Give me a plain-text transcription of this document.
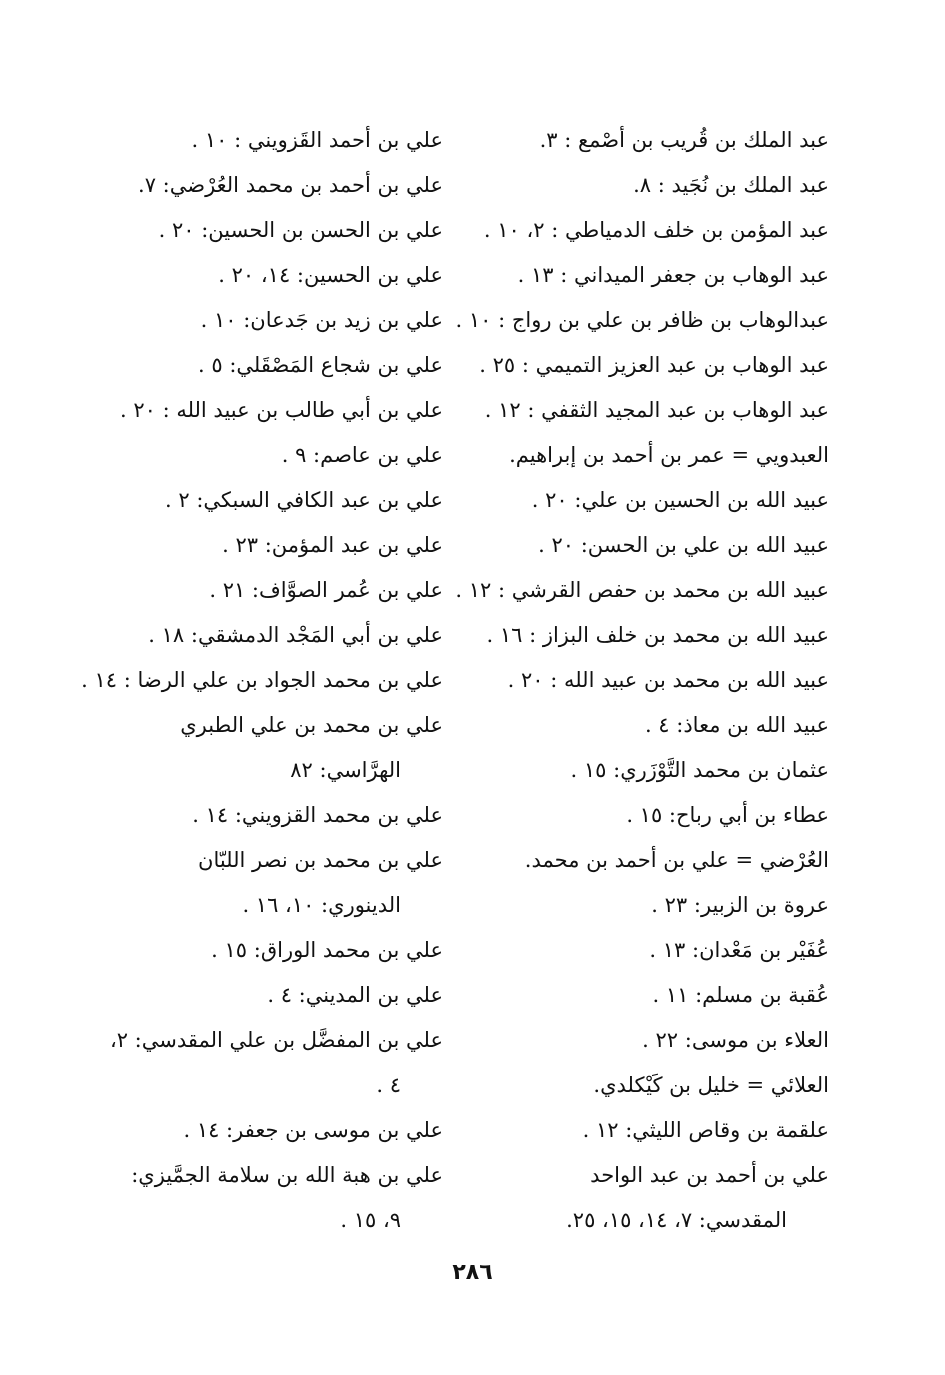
عبد الملك بن قُريب بن أصْمع : ٣.
عبد الملك بن نُجَيد : ٨.
عبد المؤمن بن خلف الدمياطي : ٢، ١٠ .
عبد الوهاب بن جعفر الميداني : ١٣ .
عبدالوهاب بن ظافر بن علي بن رواج : ١٠ .
عبد الوهاب بن عبد العزيز التميمي : ٢٥ .
عبد الوهاب بن عبد المجيد الثقفي : ١٢ .
العبدويي = عمر بن أحمد بن إبراهيم.
عبيد الله بن الحسين بن علي: ٢٠ .
عبيد الله بن علي بن الحسن: ٢٠ .
عبيد الله بن محمد بن حفص القرشي : ١٢ .
عبيد الله بن محمد بن خلف البزاز : ١٦ .
عبيد الله بن محمد بن عبيد الله : ٢٠ .
عبيد الله بن معاذ: ٤ .
عثمان بن محمد التَّوْزَري: ١٥ .
عطاء بن أبي رباح: ١٥ .
العُرْضي = علي بن أحمد بن محمد.
عروة بن الزبير: ٢٣ .
عُفَيْر بن مَعْدان: ١٣ .
عُقبة بن مسلم: ١١ .
العلاء بن موسى: ٢٢ .
العلائي = خليل بن كَيْكلدي.
علقمة بن وقاص الليثي: ١٢ .
علي بن أحمد بن عبد الواحد
المقدسي: ٧، ١٤، ١٥، ٢٥.
علي بن أحمد القَزويني : ١٠ .
علي بن أحمد بن محمد العُرْضي: ٧.
علي بن الحسن بن الحسين: ٢٠ .
علي بن الحسين: ١٤، ٢٠ .
علي بن زيد بن جَدعان: ١٠ .
علي بن شجاع المَصْقَلي: ٥ .
علي بن أبي طالب بن عبيد الله : ٢٠ .
علي بن عاصم: ٩ .
علي بن عبد الكافي السبكي: ٢ .
علي بن عبد المؤمن: ٢٣ .
علي بن عُمر الصوَّاف: ٢١ .
علي بن أبي المَجْد الدمشقي: ١٨ .
علي بن محمد الجواد بن علي الرضا : ١٤ .
علي بن محمد بن علي الطبري
الهرَّاسي: ٨٢
علي بن محمد القزويني: ١٤ .
علي بن محمد بن نصر اللبّان
الدينوري: ١٠، ١٦ .
علي بن محمد الوراق: ١٥ .
علي بن المديني: ٤ .
علي بن المفضَّل بن علي المقدسي: ٢،
٤ .
علي بن موسى بن جعفر: ١٤ .
علي بن هبة الله بن سلامة الجمَّيزي:
٩، ١٥ .
٢٨٦
